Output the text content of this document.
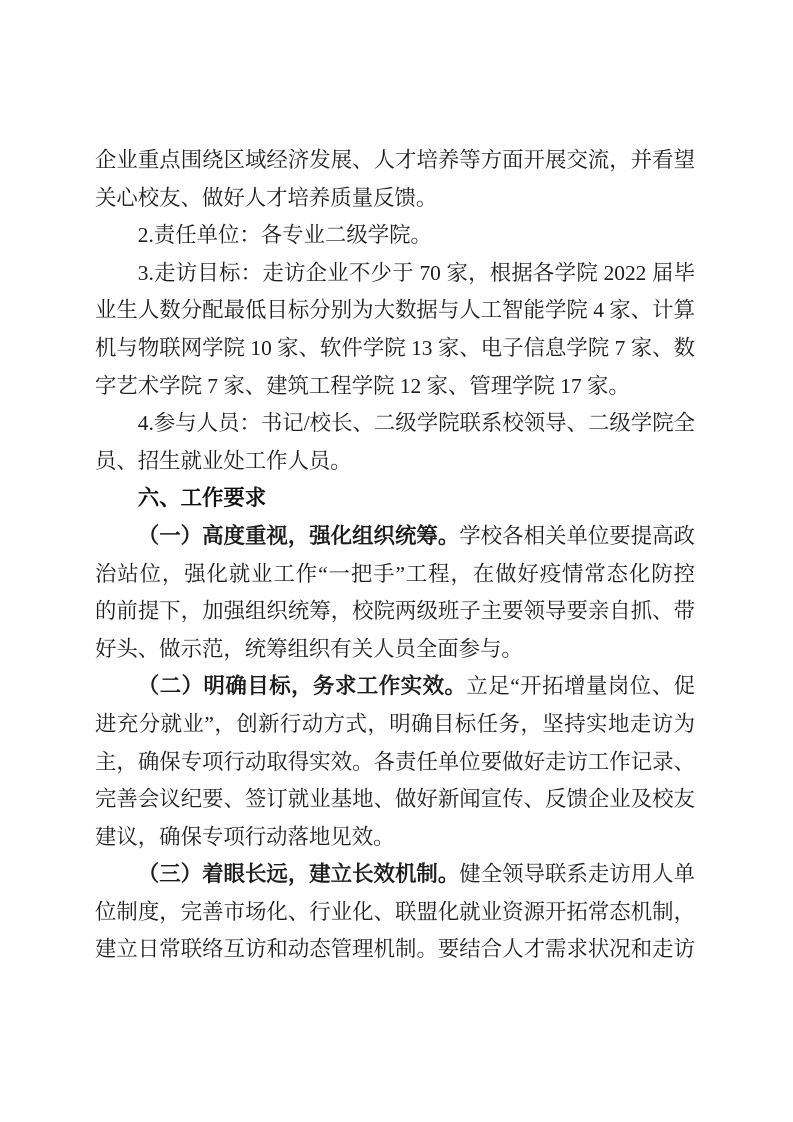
企业重点围绕区域经济发展、人才培养等方面开展交流，并看望
关心校友、做好人才培养质量反馈。
2.责任单位：各专业二级学院。
3.走访目标：走访企业不少于 70 家，根据各学院 2022 届毕
业生人数分配最低目标分别为大数据与人工智能学院 4 家、计算
机与物联网学院 10 家、软件学院 13 家、电子信息学院 7 家、数
字艺术学院 7 家、建筑工程学院 12 家、管理学院 17 家。
4.参与人员：书记/校长、二级学院联系校领导、二级学院全
员、招生就业处工作人员。
六、工作要求
（一）高度重视，强化组织统筹。学校各相关单位要提高政
治站位，强化就业工作“一把手”工程，在做好疫情常态化防控
的前提下，加强组织统筹，校院两级班子主要领导要亲自抓、带
好头、做示范，统筹组织有关人员全面参与。
（二）明确目标，务求工作实效。立足“开拓增量岗位、促
进充分就业”，创新行动方式，明确目标任务，坚持实地走访为
主，确保专项行动取得实效。各责任单位要做好走访工作记录、
完善会议纪要、签订就业基地、做好新闻宣传、反馈企业及校友
建议，确保专项行动落地见效。
（三）着眼长远，建立长效机制。健全领导联系走访用人单
位制度，完善市场化、行业化、联盟化就业资源开拓常态机制，
建立日常联络互访和动态管理机制。要结合人才需求状况和走访
